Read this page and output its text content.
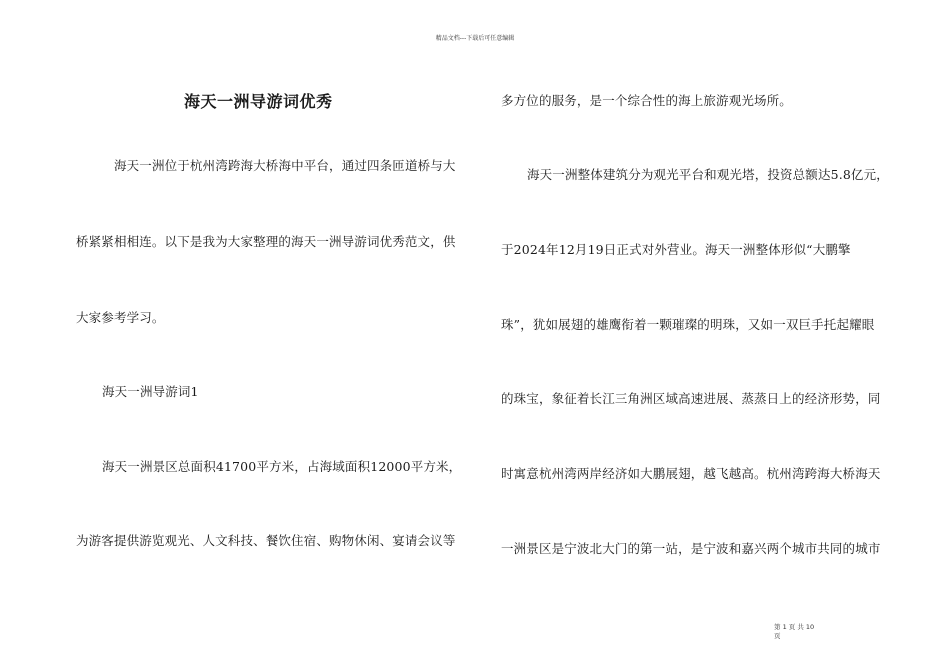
精品文档---下载后可任意编辑
海天一洲导游词优秀
海天一洲位于杭州湾跨海大桥海中平台，通过四条匝道桥与大
桥紧紧相相连。以下是我为大家整理的海天一洲导游词优秀范文，供
大家参考学习。
海天一洲导游词1
海天一洲景区总面积41700平方米，占海域面积12000平方米，
为游客提供游览观光、人文科技、餐饮住宿、购物休闲、宴请会议等
多方位的服务，是一个综合性的海上旅游观光场所。
海天一洲整体建筑分为观光平台和观光塔，投资总额达5.8亿元，
于2024年12月19日正式对外营业。海天一洲整体形似“大鹏擎
珠”，犹如展翅的雄鹰衔着一颗璀璨的明珠，又如一双巨手托起耀眼
的珠宝，象征着长江三角洲区域高速进展、蒸蒸日上的经济形势，同
时寓意杭州湾两岸经济如大鹏展翅，越飞越高。杭州湾跨海大桥海天
一洲景区是宁波北大门的第一站，是宁波和嘉兴两个城市共同的城市
第 1 页 共 10
页
